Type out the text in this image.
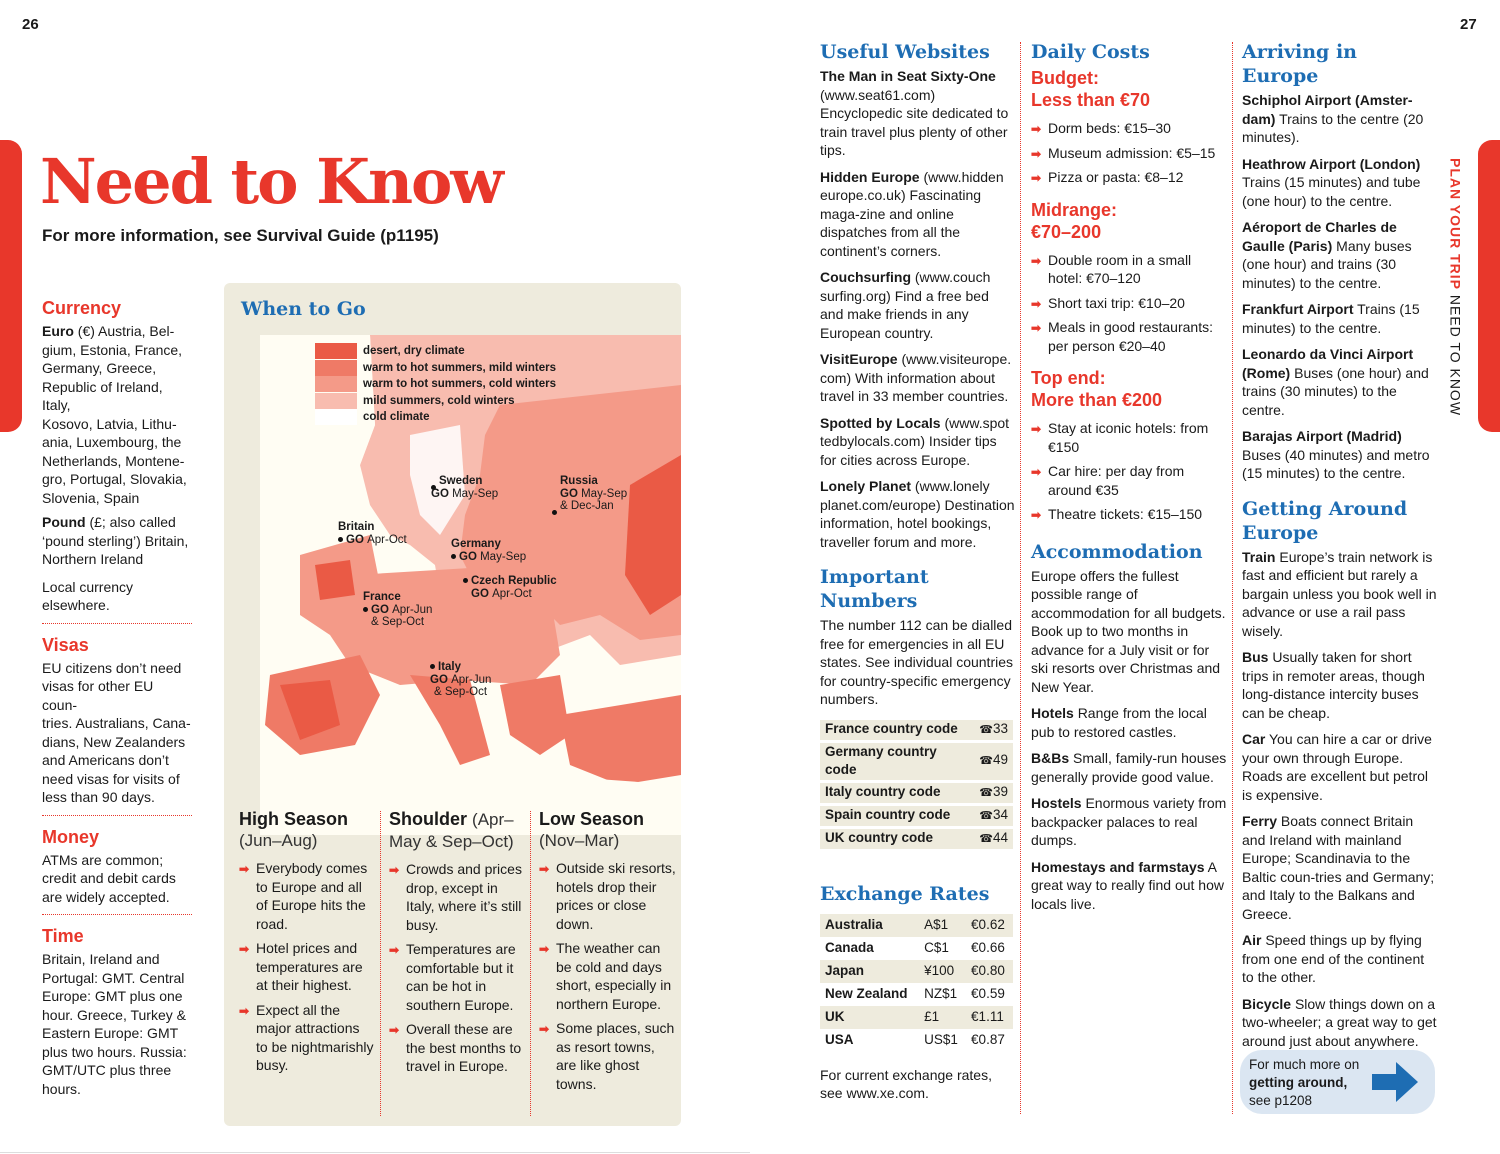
26
Need to Know
For more information, see Survival Guide (p1195)
Currency
Euro (€) Austria, Bel-
gium, Estonia, France,
Germany, Greece,
Republic of Ireland, Italy,
Kosovo, Latvia, Lithu-
ania, Luxembourg, the
Netherlands, Montene-
gro, Portugal, Slovakia,
Slovenia, Spain
Pound (£; also called
‘pound sterling’) Britain,
Northern Ireland
Local currency
elsewhere.
Visas
EU citizens don’t need
visas for other EU coun-
tries. Australians, Cana-
dians, New Zealanders
and Americans don’t
need visas for visits of
less than 90 days.
Money
ATMs are common;
credit and debit cards
are widely accepted.
Time
Britain, Ireland and
Portugal: GMT. Central
Europe: GMT plus one
hour. Greece, Turkey &
Eastern Europe: GMT
plus two hours. Russia:
GMT/UTC plus three
hours.
When to Go
desert, dry climate
warm to hot summers, mild winters
warm to hot summers, cold winters
mild summers, cold winters
cold climate
Sweden
GO May-Sep
Russia
GO May-Sep
& Dec-Jan
Britain
GO Apr-Oct	Germany
GO May-Sep
Czech Republic
GO Apr-Oct
France
GO Apr-Jun
& Sep-Oct
Italy
GO Apr-Jun
& Sep-Oct
High Season
(Jun–Aug)
➡ Everybody comes to Europe and all of Europe hits the road.
➡ Hotel prices and temperatures are at their highest.
➡ Expect all the major attractions to be nightmarishly busy.
Shoulder (Apr–
May & Sep–Oct)
➡ Crowds and prices drop, except in Italy, where it’s still busy.
➡ Temperatures are comfortable but it can be hot in southern Europe.
➡ Overall these are the best months to travel in Europe.
Low Season
(Nov–Mar)
➡ Outside ski resorts, hotels drop their prices or close down.
➡ The weather can be cold and days short, especially in northern Europe.
➡ Some places, such as resort towns, are like ghost towns.
27
PLAN YOUR TRIP NEED TO KNOW
Useful Websites

The Man in Seat Sixty-One (www.seat61.com) Encyclopedic site dedicated to train travel plus plenty of other tips.

Hidden Europe (www.hidden europe.co.uk) Fascinating maga-zine and online dispatches from all the continent’s corners.

Couchsurfing (www.couch surfing.org) Find a free bed and make friends in any European country.

VisitEurope (www.visiteurope. com) With information about travel in 33 member countries.

Spotted by Locals (www.spot tedbylocals.com) Insider tips for cities across Europe.

Lonely Planet (www.lonely planet.com/europe) Destination information, hotel bookings, traveller forum and more.

Important
Numbers

The number 112 can be dialled free for emergencies in all EU states. See individual countries for country-specific emergency numbers.

France country code	☎33
Germany country code	☎49
Italy country code	☎39
Spain country code	☎34
UK country code	☎44
Exchange Rates
Australia	A$1	€0.62
Canada	C$1	€0.66
Japan	¥100	€0.80
New Zealand	NZ$1	€0.59
UK	£1	€1.11
USA	US$1	€0.87

For current exchange rates, see www.xe.com.

Daily Costs
Budget:
Less than €70
➡ Dorm beds: €15–30
➡ Museum admission: €5–15
➡ Pizza or pasta: €8–12
Midrange:
€70–200
➡ Double room in a small hotel: €70–120
➡ Short taxi trip: €10–20
➡ Meals in good restaurants: per person €20–40
Top end:
More than €200
➡ Stay at iconic hotels: from €150
➡ Car hire: per day from around €35
➡ Theatre tickets: €15–150
Accommodation

Europe offers the fullest possible range of accommodation for all budgets. Book up to two months in advance for a July visit or for ski resorts over Christmas and New Year.

Hotels Range from the local pub to restored castles.

B&Bs Small, family-run houses generally provide good value.

Hostels Enormous variety from backpacker palaces to real dumps.

Homestays and farmstays A great way to really find out how locals live.

Arriving in
Europe

Schiphol Airport (Amster-dam) Trains to the centre (20 minutes).

Heathrow Airport (London) Trains (15 minutes) and tube (one hour) to the centre.

Aéroport de Charles de Gaulle (Paris) Many buses (one hour) and trains (30 minutes) to the centre.

Frankfurt Airport Trains (15 minutes) to the centre.

Leonardo da Vinci Airport (Rome) Buses (one hour) and trains (30 minutes) to the centre.

Barajas Airport (Madrid) Buses (40 minutes) and metro (15 minutes) to the centre.

Getting Around
Europe

Train Europe’s train network is fast and efficient but rarely a bargain unless you book well in advance or use a rail pass wisely.

Bus Usually taken for short trips in remoter areas, though long-distance intercity buses can be cheap.

Car You can hire a car or drive your own through Europe. Roads are excellent but petrol is expensive.

Ferry Boats connect Britain and Ireland with mainland Europe; Scandinavia to the Baltic coun-tries and Germany; and Italy to the Balkans and Greece.

Air Speed things up by flying from one end of the continent to the other.

Bicycle Slow things down on a two-wheeler; a great way to get around just about anywhere.

For much more on
getting around,
see p1208
